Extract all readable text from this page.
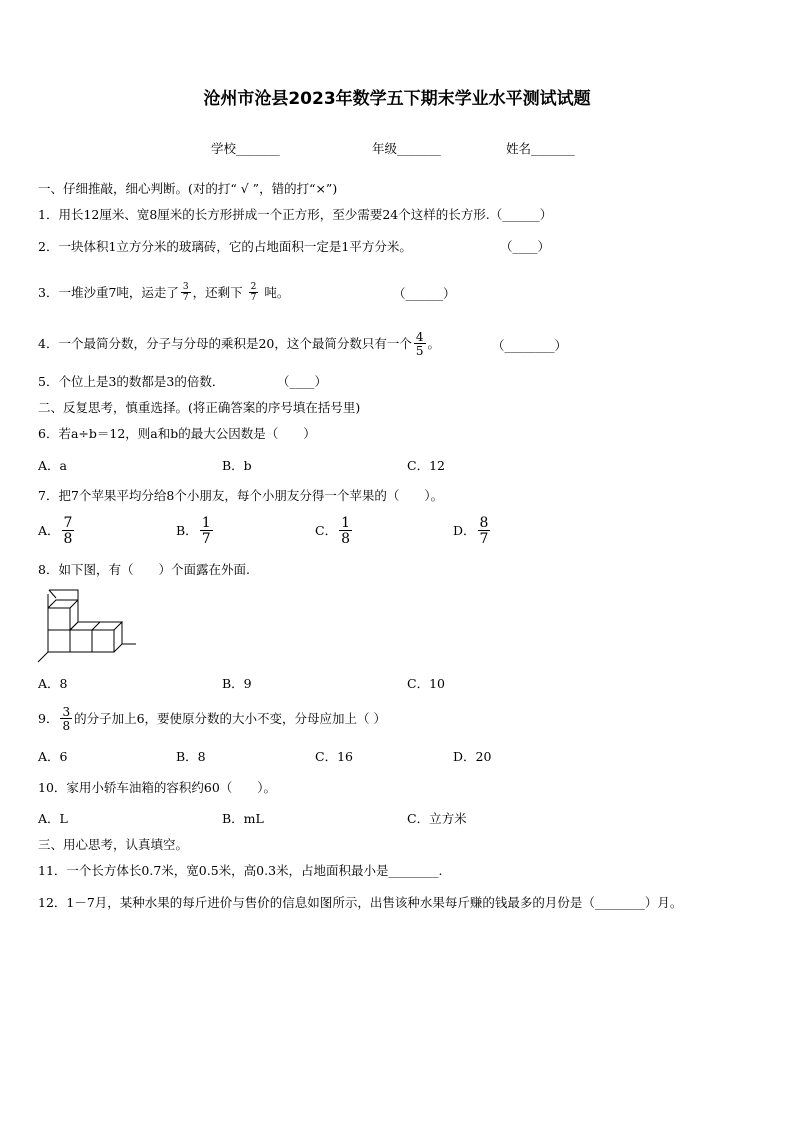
沧州市沧县2023年数学五下期末学业水平测试试题
学校_______	年级_______	姓名_______
一、仔细推敲，细心判断。(对的打“ √ ”，错的打“×”)
1．用长12厘米、宽8厘米的长方形拼成一个正方形，至少需要24个这样的长方形.（______）
2．一块体积1立方分米的玻璃砖，它的占地面积一定是1平方分米。	（____）
3．一堆沙重7吨，运走了 $\frac{3}{7}$ ，还剩下 $\frac{2}{7}$ 吨。	（______）
4．一个最简分数，分子与分母的乘积是20，这个最简分数只有一个 $\frac{4}{5}$ 。	（________）
5．个位上是3的数都是3的倍数．	（____）
二、反复思考，慎重选择。(将正确答案的序号填在括号里)
6．若a÷b＝12，则a和b的最大公因数是（　　）
A．a	B．b	C．12
7．把7个苹果平均分给8个小朋友，每个小朋友分得一个苹果的（　　）。
A． $\frac{7}{8}$	B． $\frac{1}{7}$	C． $\frac{1}{8}$	D． $\frac{8}{7}$
8．如下图，有（　　）个面露在外面.
A．8	B．9	C．10
9． $\frac{3}{8}$ 的分子加上6，要使原分数的大小不变，分母应加上（ ）
A．6	B．8	C．16	D．20
10．家用小轿车油箱的容积约60（　　）。
A．L	B．mL	C．立方米
三、用心思考，认真填空。
11．一个长方体长0.7米，宽0.5米，高0.3米，占地面积最小是________.
12．1－7月，某种水果的每斤进价与售价的信息如图所示，出售该种水果每斤赚的钱最多的月份是（________）月。
